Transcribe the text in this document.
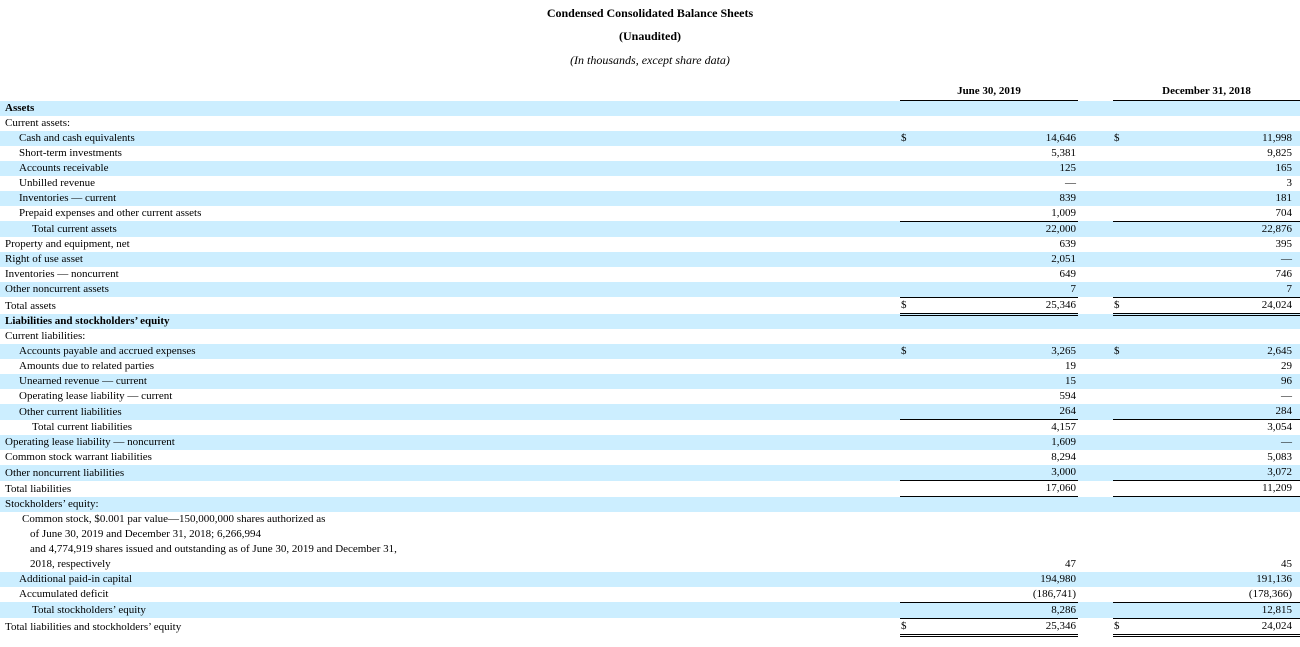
Condensed Consolidated Balance Sheets
(Unaudited)
(In thousands, except share data)
	June 30, 2019			December 31, 2018	
Assets					
Current assets:					
Cash and cash equivalents	$	14,646		$	11,998
Short-term investments		5,381			9,825
Accounts receivable		125			165
Unbilled revenue		—			3
Inventories — current		839			181
Prepaid expenses and other current assets		1,009			704
Total current assets		22,000			22,876
Property and equipment, net		639			395
Right of use asset		2,051			—
Inventories — noncurrent		649			746
Other noncurrent assets		7			7
Total assets	$	25,346		$	24,024
Liabilities and stockholders’ equity					
Current liabilities:					
Accounts payable and accrued expenses	$	3,265		$	2,645
Amounts due to related parties		19			29
Unearned revenue — current		15			96
Operating lease liability — current		594			—
Other current liabilities		264			284
Total current liabilities		4,157			3,054
Operating lease liability — noncurrent		1,609			—
Common stock warrant liabilities		8,294			5,083
Other noncurrent liabilities		3,000			3,072
Total liabilities		17,060			11,209
Stockholders’ equity:					

Common stock, $0.001 par value—150,000,000 shares authorized as
of June 30, 2019 and December 31, 2018; 6,266,994
and 4,774,919 shares issued and outstanding as of June 30, 2019 and December 31,
2018, respectively		47			45
Additional paid-in capital		194,980			191,136
Accumulated deficit		(186,741)			(178,366)
Total stockholders’ equity		8,286			12,815
Total liabilities and stockholders’ equity	$	25,346		$	24,024
